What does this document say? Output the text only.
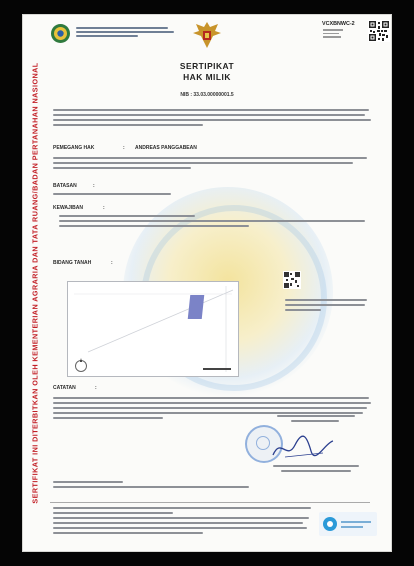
SERTIFIKAT INI DITERBITKAN OLEH KEMENTERIAN AGRARIA DAN TATA RUANG/BADAN PERTANAHAN NASIONAL
VCXBNWC-2
SERTIPIKAT
HAK MILIK
NIB : 33.03.00000001.5
PEMEGANG HAK	: ANDREAS PANGGABEAN
BATASAN	:
KEWAJIBAN	:
BIDANG TANAH	:
CATATAN	:
